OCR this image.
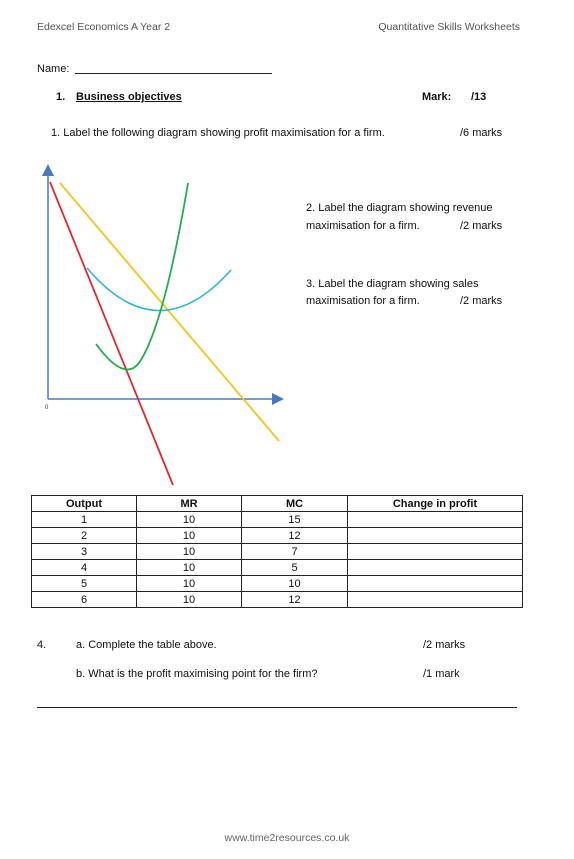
Edexcel Economics A Year 2	Quantitative Skills Worksheets
Name:
1. Business objectives	Mark: /13
1. Label the following diagram showing profit maximisation for a firm.	/6 marks
0
2. Label the diagram showing revenue
maximisation for a firm.	/2 marks
3. Label the diagram showing sales
maximisation for a firm.	/2 marks
Output	MR	MC	Change in profit
1	10	15	
2	10	12	
3	10	7	
4	10	5	
5	10	10	
6	10	12	
4.	a. Complete the table above.	/2 marks
b. What is the profit maximising point for the firm?	/1 mark
www.time2resources.co.uk
